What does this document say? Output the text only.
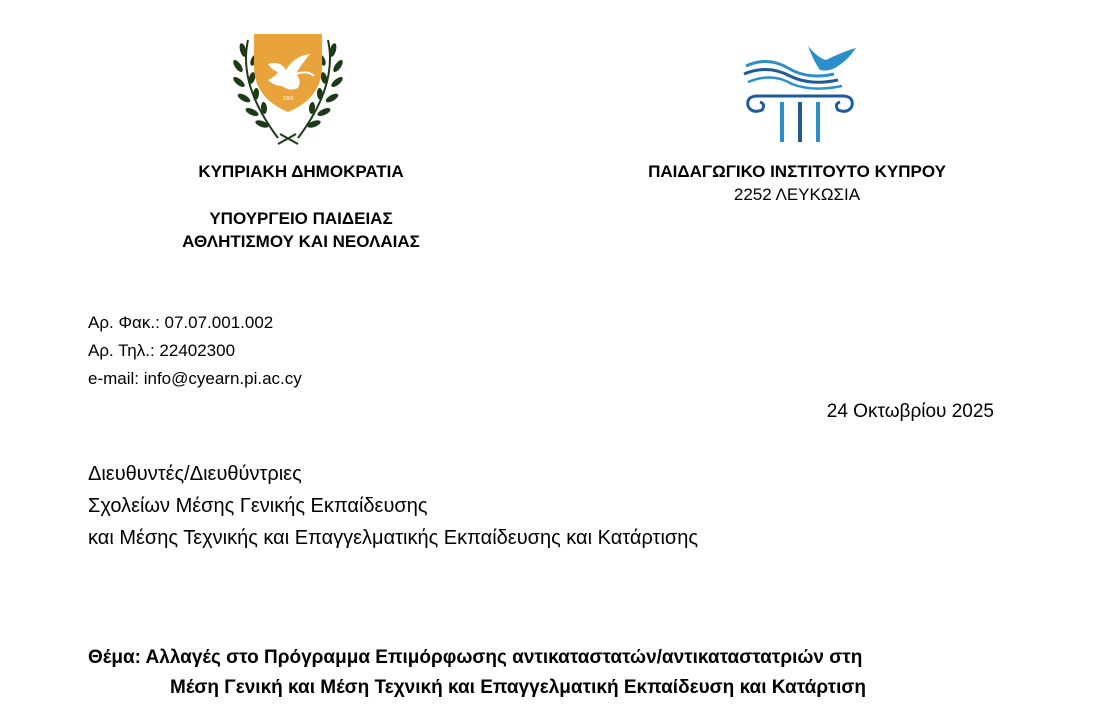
1960
ΚΥΠΡΙΑΚΗ ΔΗΜΟΚΡΑΤΙΑ
ΥΠΟΥΡΓΕΙΟ ΠΑΙΔΕΙΑΣ
ΑΘΛΗΤΙΣΜΟΥ ΚΑΙ ΝΕΟΛΑΙΑΣ
ΠΑΙΔΑΓΩΓΙΚΟ ΙΝΣΤΙΤΟΥΤΟ ΚΥΠΡΟΥ
2252 ΛΕΥΚΩΣΙΑ
Αρ. Φακ.: 07.07.001.002
Αρ. Τηλ.: 22402300
e-mail: info@cyearn.pi.ac.cy
24 Οκτωβρίου 2025
Διευθυντές/Διευθύντριες
Σχολείων Μέσης Γενικής Εκπαίδευσης
και Μέσης Τεχνικής και Επαγγελματικής Εκπαίδευσης και Κατάρτισης
Θέμα: Αλλαγές στο Πρόγραμμα Επιμόρφωσης αντικαταστατών/αντικαταστατριών στη
Μέση Γενική και Μέση Τεχνική και Επαγγελματική Εκπαίδευση και Κατάρτιση
